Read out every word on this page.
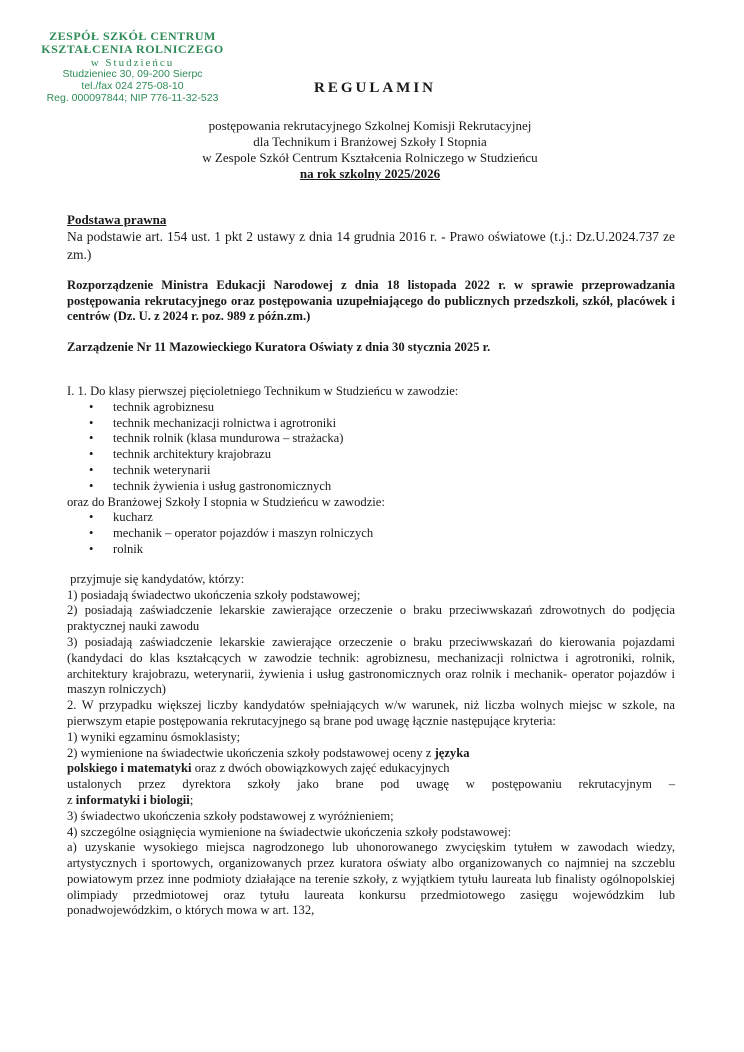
ZESPÓŁ SZKÓŁ CENTRUM
KSZTAŁCENIA ROLNICZEGO
w Studzieńcu
Studzieniec 30, 09-200 Sierpc
tel./fax 024 275-08-10
Reg. 000097844; NIP 776-11-32-523
REGULAMIN
postępowania rekrutacyjnego Szkolnej Komisji Rekrutacyjnej
dla Technikum i Branżowej Szkoły I Stopnia
w Zespole Szkół Centrum Kształcenia Rolniczego w Studzieńcu
na rok szkolny 2025/2026
Podstawa prawna
Na podstawie art. 154 ust. 1 pkt 2 ustawy z dnia 14 grudnia 2016 r. - Prawo oświatowe (t.j.: Dz.U.2024.737 ze zm.)
Rozporządzenie Ministra Edukacji Narodowej z dnia 18 listopada 2022 r. w sprawie przeprowadzania postępowania rekrutacyjnego oraz postępowania uzupełniającego do publicznych przedszkoli, szkół, placówek i centrów (Dz. U. z 2024 r. poz. 989 z późn.zm.)
Zarządzenie Nr 11 Mazowieckiego Kuratora Oświaty z dnia 30 stycznia 2025 r.
I. 1. Do klasy pierwszej pięcioletniego Technikum w Studzieńcu w zawodzie:
• technik agrobiznesu
• technik mechanizacji rolnictwa i agrotroniki
• technik rolnik (klasa mundurowa – strażacka)
• technik architektury krajobrazu
• technik weterynarii
• technik żywienia i usług gastronomicznych
oraz do Branżowej Szkoły I stopnia w Studzieńcu w zawodzie:
• kucharz
• mechanik – operator pojazdów i maszyn rolniczych
• rolnik
przyjmuje się kandydatów, którzy:
1) posiadają świadectwo ukończenia szkoły podstawowej;
2) posiadają zaświadczenie lekarskie zawierające orzeczenie o braku przeciwwskazań zdrowotnych do podjęcia praktycznej nauki zawodu
3) posiadają zaświadczenie lekarskie zawierające orzeczenie o braku przeciwwskazań do kierowania pojazdami (kandydaci do klas kształcących w zawodzie technik: agrobiznesu, mechanizacji rolnictwa i agrotroniki, rolnik, architektury krajobrazu, weterynarii, żywienia i usług gastronomicznych oraz rolnik i mechanik- operator pojazdów i maszyn rolniczych)
2. W przypadku większej liczby kandydatów spełniających w/w warunek, niż liczba wolnych miejsc w szkole, na pierwszym etapie postępowania rekrutacyjnego są brane pod uwagę łącznie następujące kryteria:
1) wyniki egzaminu ósmoklasisty;
2) wymienione na świadectwie ukończenia szkoły podstawowej oceny z języka
polskiego i matematyki oraz z dwóch obowiązkowych zajęć edukacyjnych
ustalonych przez dyrektora szkoły jako brane pod uwagę w postępowaniu rekrutacyjnym –
z informatyki i biologii;
3) świadectwo ukończenia szkoły podstawowej z wyróżnieniem;
4) szczególne osiągnięcia wymienione na świadectwie ukończenia szkoły podstawowej:
a) uzyskanie wysokiego miejsca nagrodzonego lub uhonorowanego zwycięskim tytułem w zawodach wiedzy, artystycznych i sportowych, organizowanych przez kuratora oświaty albo organizowanych co najmniej na szczeblu powiatowym przez inne podmioty działające na terenie szkoły, z wyjątkiem tytułu laureata lub finalisty ogólnopolskiej olimpiady przedmiotowej oraz tytułu laureata konkursu przedmiotowego zasięgu wojewódzkim lub ponadwojewódzkim, o których mowa w art. 132,
